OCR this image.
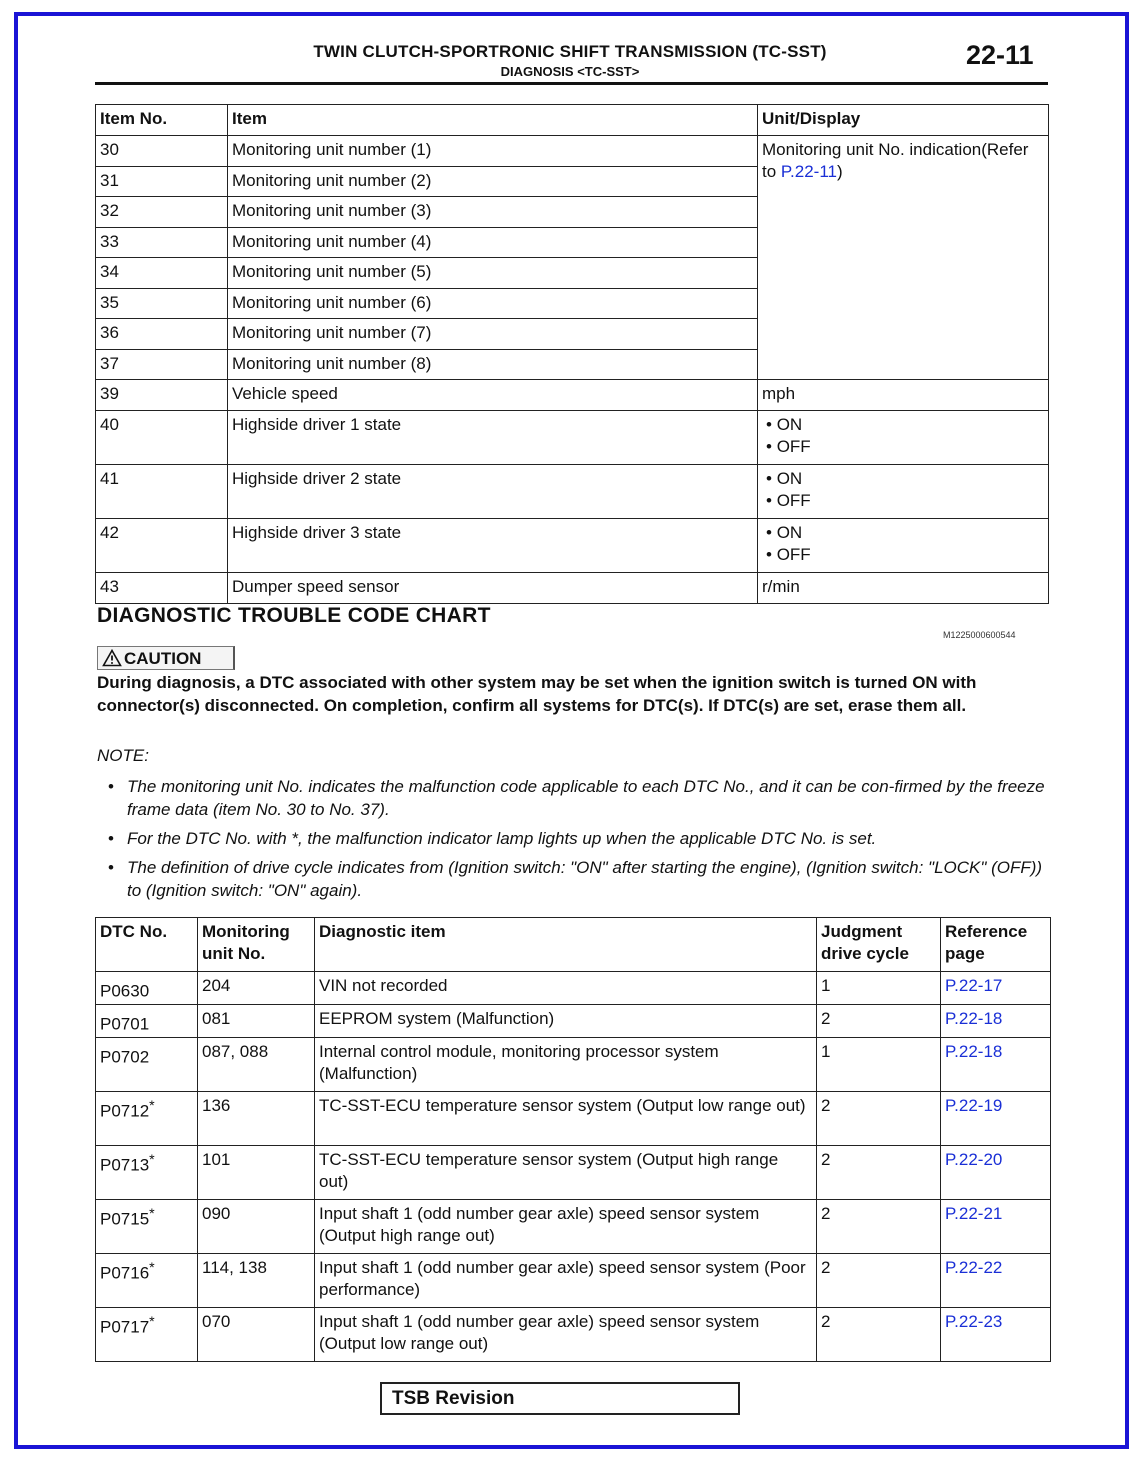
TWIN CLUTCH-SPORTRONIC SHIFT TRANSMISSION (TC-SST)
DIAGNOSIS <TC-SST>
22-11
Item No.	Item	Unit/Display
30	Monitoring unit number (1)	Monitoring unit No. indication(Refer to P.22-11)
31	Monitoring unit number (2)	
32	Monitoring unit number (3)	
33	Monitoring unit number (4)	
34	Monitoring unit number (5)	
35	Monitoring unit number (6)	
36	Monitoring unit number (7)	
37	Monitoring unit number (8)	
39	Vehicle speed	mph
40	Highside driver 1 state	• ON
• OFF

41	Highside driver 2 state	• ON
• OFF

42	Highside driver 3 state	• ON
• OFF

43	Dumper speed sensor	r/min
DIAGNOSTIC TROUBLE CODE CHART
M1225000600544
CAUTION
During diagnosis, a DTC associated with other system may be set when the ignition switch is turned ON with connector(s) disconnected. On completion, confirm all systems for DTC(s). If DTC(s) are set, erase them all.
NOTE:
• The monitoring unit No. indicates the malfunction code applicable to each DTC No., and it can be con-firmed by the freeze frame data (item No. 30 to No. 37).
• For the DTC No. with *, the malfunction indicator lamp lights up when the applicable DTC No. is set.
• The definition of drive cycle indicates from (Ignition switch: "ON" after starting the engine), (Ignition switch: "LOCK" (OFF)) to (Ignition switch: "ON" again).
DTC No.	Monitoring unit No.	Diagnostic item	Judgment drive cycle	Reference page
P0630	204	VIN not recorded	1	P.22-17
P0701	081	EEPROM system (Malfunction)	2	P.22-18
P0702	087, 088	Internal control module, monitoring processor system (Malfunction)	1	P.22-18
P0712*	136	TC-SST-ECU temperature sensor system (Output low range out)	2	P.22-19
P0713*	101	TC-SST-ECU temperature sensor system (Output high range out)	2	P.22-20
P0715*	090	Input shaft 1 (odd number gear axle) speed sensor system (Output high range out)	2	P.22-21
P0716*	114, 138	Input shaft 1 (odd number gear axle) speed sensor system (Poor performance)	2	P.22-22
P0717*	070	Input shaft 1 (odd number gear axle) speed sensor system (Output low range out)	2	P.22-23
TSB Revision
